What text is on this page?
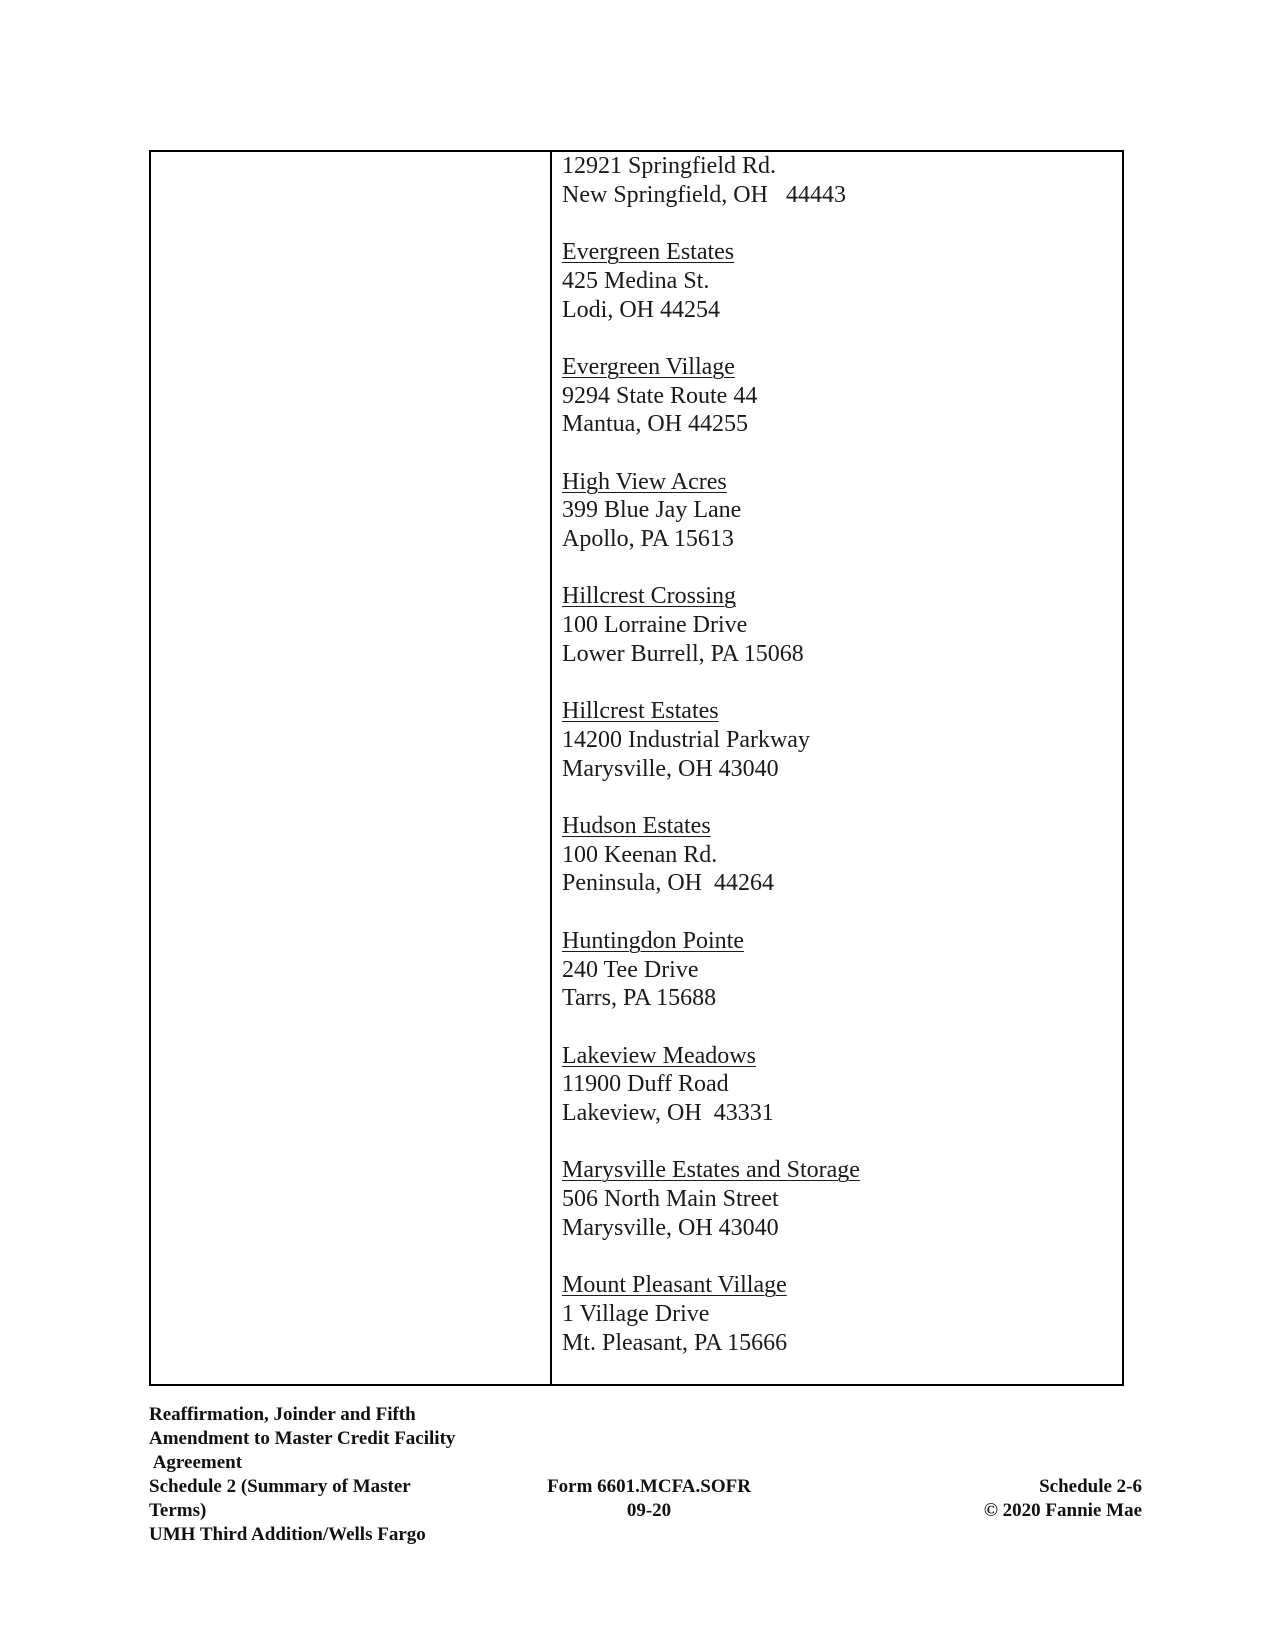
12921 Springfield Rd.
New Springfield, OH   44443
Evergreen Estates
425 Medina St.
Lodi, OH 44254
Evergreen Village
9294 State Route 44
Mantua, OH 44255
High View Acres
399 Blue Jay Lane
Apollo, PA 15613
Hillcrest Crossing
100 Lorraine Drive
Lower Burrell, PA 15068
Hillcrest Estates
14200 Industrial Parkway
Marysville, OH 43040
Hudson Estates
100 Keenan Rd.
Peninsula, OH  44264
Huntingdon Pointe
240 Tee Drive
Tarrs, PA 15688
Lakeview Meadows
11900 Duff Road
Lakeview, OH  43331
Marysville Estates and Storage
506 North Main Street
Marysville, OH 43040
Mount Pleasant Village
1 Village Drive
Mt. Pleasant, PA 15666
Reaffirmation, Joinder and Fifth
Amendment to Master Credit Facility
Agreement
Schedule 2 (Summary of Master
Terms)
UMH Third Addition/Wells Fargo
Form 6601.MCFA.SOFR
09-20
Schedule 2-6
© 2020 Fannie Mae
